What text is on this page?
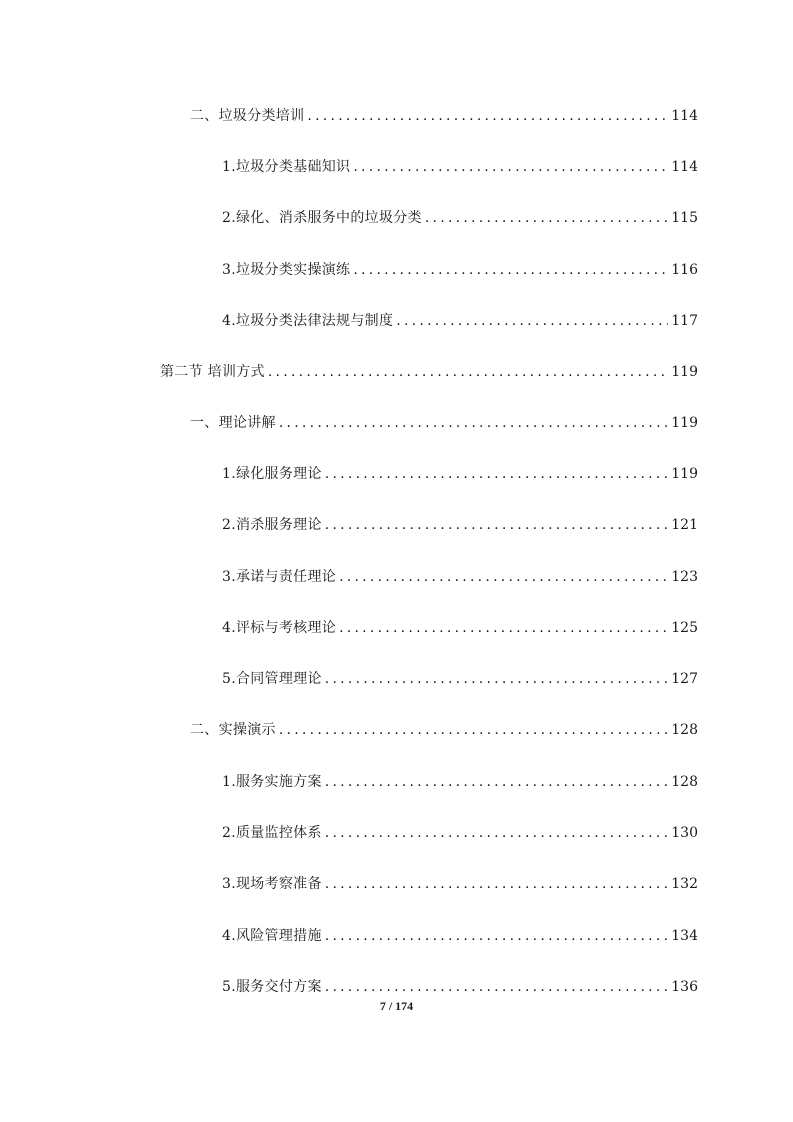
二、垃圾分类培训 . . .	114
1.垃圾分类基础知识 . . .	114
2.绿化、消杀服务中的垃圾分类 . . .	115
3.垃圾分类实操演练 . . .	116
4.垃圾分类法律法规与制度 . . .	117
第二节 培训方式 . . .	119
一、理论讲解 . . .	119
1.绿化服务理论 . . .	119
2.消杀服务理论 . . .	121
3.承诺与责任理论 . . .	123
4.评标与考核理论 . . .	125
5.合同管理理论 . . .	127
二、实操演示 . . .	128
1.服务实施方案 . . .	128
2.质量监控体系 . . .	130
3.现场考察准备 . . .	132
4.风险管理措施 . . .	134
5.服务交付方案 . . .	136
7 / 174
